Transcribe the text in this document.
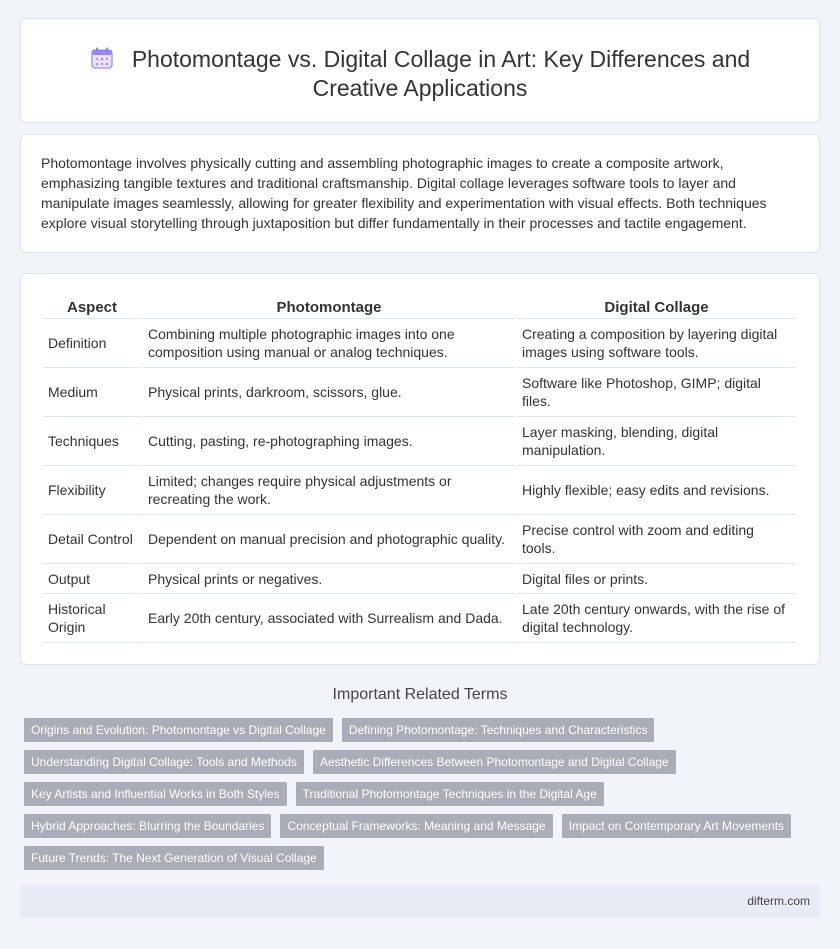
Photomontage vs. Digital Collage in Art: Key Differences and Creative Applications

Photomontage involves physically cutting and assembling photographic images to create a composite artwork, emphasizing tangible textures and traditional craftsmanship. Digital collage leverages software tools to layer and manipulate images seamlessly, allowing for greater flexibility and experimentation with visual effects. Both techniques explore visual storytelling through juxtaposition but differ fundamentally in their processes and tactile engagement.

Aspect	Photomontage	Digital Collage
Definition	Combining multiple photographic images into one composition using manual or analog techniques.	Creating a composition by layering digital images using software tools.
Medium	Physical prints, darkroom, scissors, glue.	Software like Photoshop, GIMP; digital files.
Techniques	Cutting, pasting, re-photographing images.	Layer masking, blending, digital manipulation.
Flexibility	Limited; changes require physical adjustments or recreating the work.	Highly flexible; easy edits and revisions.
Detail Control	Dependent on manual precision and photographic quality.	Precise control with zoom and editing tools.
Output	Physical prints or negatives.	Digital files or prints.
Historical Origin	Early 20th century, associated with Surrealism and Dada.	Late 20th century onwards, with the rise of digital technology.
Important Related Terms
Origins and Evolution: Photomontage vs Digital Collage	Defining Photomontage: Techniques and Characteristics
Understanding Digital Collage: Tools and Methods	Aesthetic Differences Between Photomontage and Digital Collage
Key Artists and Influential Works in Both Styles	Traditional Photomontage Techniques in the Digital Age
Hybrid Approaches: Blurring the Boundaries	Conceptual Frameworks: Meaning and Message	Impact on Contemporary Art Movements
Future Trends: The Next Generation of Visual Collage
difterm.com
